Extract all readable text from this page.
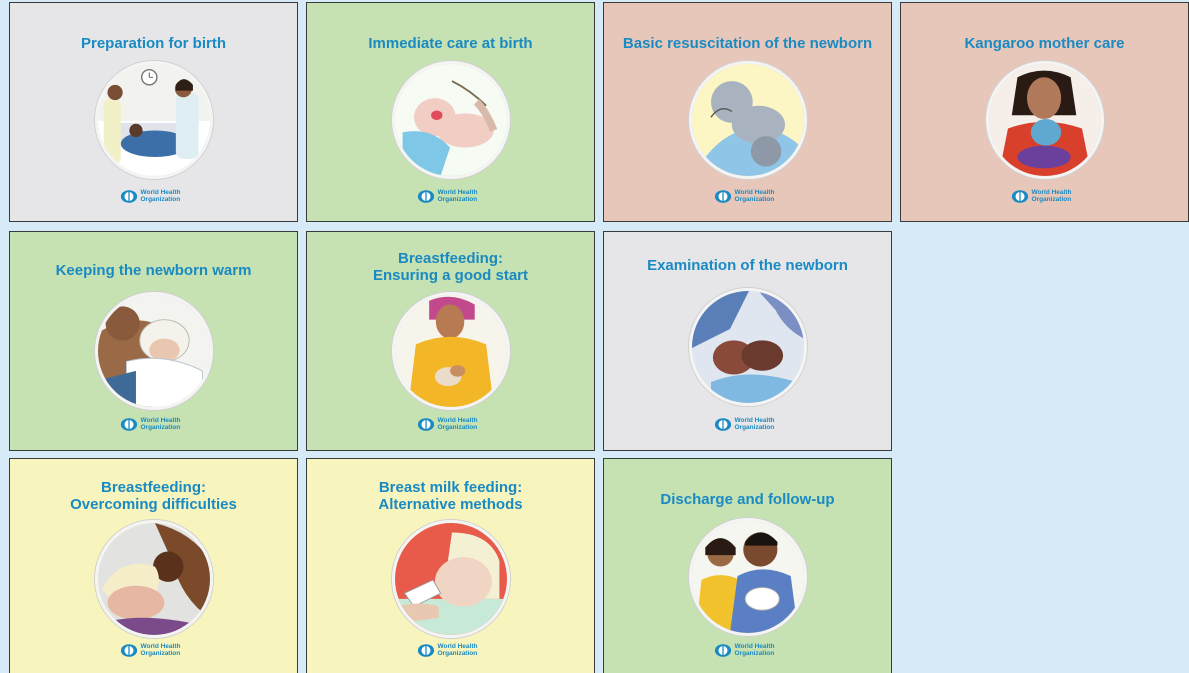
Preparation for birth
World Health
Organization
Immediate care at birth
World Health
Organization
Basic resuscitation of the newborn
World Health
Organization
Kangaroo mother care
World Health
Organization
Keeping the newborn warm
World Health
Organization
Breastfeeding:
Ensuring a good start
World Health
Organization
Examination of the newborn
World Health
Organization
Breastfeeding:
Overcoming difficulties
World Health
Organization
Breast milk feeding:
Alternative methods
World Health
Organization
Discharge and follow-up
World Health
Organization
